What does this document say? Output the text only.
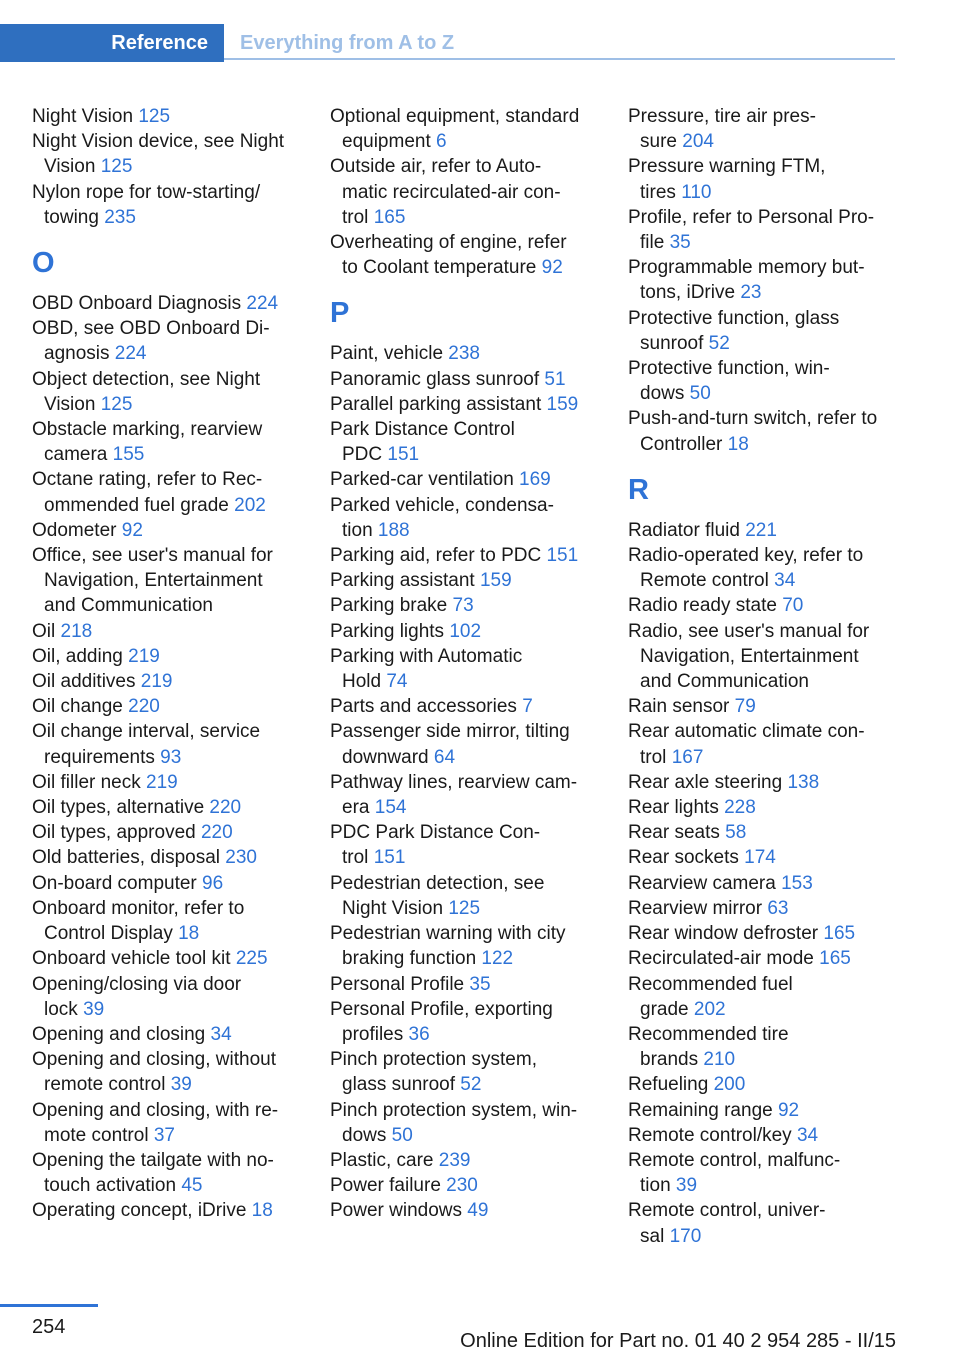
Reference	Everything from A to Z
Night Vision 125
Night Vision device, see Night
Vision 125
Nylon rope for tow-starting/
towing 235
O
OBD Onboard Diagnosis 224
OBD, see OBD Onboard Di-
agnosis 224
Object detection, see Night
Vision 125
Obstacle marking, rearview
camera 155
Octane rating, refer to Rec-
ommended fuel grade 202
Odometer 92
Office, see user's manual for
Navigation, Entertainment
and Communication
Oil 218
Oil, adding 219
Oil additives 219
Oil change 220
Oil change interval, service
requirements 93
Oil filler neck 219
Oil types, alternative 220
Oil types, approved 220
Old batteries, disposal 230
On-board computer 96
Onboard monitor, refer to
Control Display 18
Onboard vehicle tool kit 225
Opening/closing via door
lock 39
Opening and closing 34
Opening and closing, without
remote control 39
Opening and closing, with re-
mote control 37
Opening the tailgate with no-
touch activation 45
Operating concept, iDrive 18
Optional equipment, standard
equipment 6
Outside air, refer to Auto-
matic recirculated-air con-
trol 165
Overheating of engine, refer
to Coolant temperature 92
P
Paint, vehicle 238
Panoramic glass sunroof 51
Parallel parking assistant 159
Park Distance Control
PDC 151
Parked-car ventilation 169
Parked vehicle, condensa-
tion 188
Parking aid, refer to PDC 151
Parking assistant 159
Parking brake 73
Parking lights 102
Parking with Automatic
Hold 74
Parts and accessories 7
Passenger side mirror, tilting
downward 64
Pathway lines, rearview cam-
era 154
PDC Park Distance Con-
trol 151
Pedestrian detection, see
Night Vision 125
Pedestrian warning with city
braking function 122
Personal Profile 35
Personal Profile, exporting
profiles 36
Pinch protection system,
glass sunroof 52
Pinch protection system, win-
dows 50
Plastic, care 239
Power failure 230
Power windows 49
Pressure, tire air pres-
sure 204
Pressure warning FTM,
tires 110
Profile, refer to Personal Pro-
file 35
Programmable memory but-
tons, iDrive 23
Protective function, glass
sunroof 52
Protective function, win-
dows 50
Push-and-turn switch, refer to
Controller 18
R
Radiator fluid 221
Radio-operated key, refer to
Remote control 34
Radio ready state 70
Radio, see user's manual for
Navigation, Entertainment
and Communication
Rain sensor 79
Rear automatic climate con-
trol 167
Rear axle steering 138
Rear lights 228
Rear seats 58
Rear sockets 174
Rearview camera 153
Rearview mirror 63
Rear window defroster 165
Recirculated-air mode 165
Recommended fuel
grade 202
Recommended tire
brands 210
Refueling 200
Remaining range 92
Remote control/key 34
Remote control, malfunc-
tion 39
Remote control, univer-
sal 170
254
Online Edition for Part no. 01 40 2 954 285 - II/15
